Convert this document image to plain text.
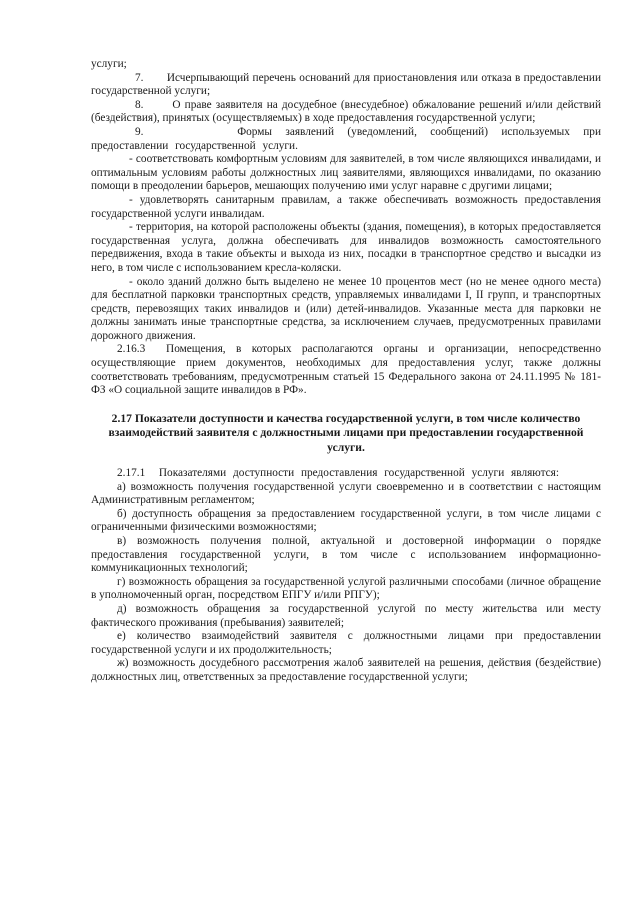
услуги;

7.       Исчерпывающий перечень оснований для приостановления или отказа в предоставлении государственной услуги;

8.       О праве заявителя на досудебное (внесудебное) обжалование решений и/или действий (бездействия), принятых (осуществляемых) в ходе предоставления государственной услуги;

9.       Формы заявлений (уведомлений, сообщений) используемых при предоставлении государственной услуги.

- соответствовать комфортным условиям для заявителей, в том числе являющихся инвалидами, и оптимальным условиям работы должностных лиц заявителями, являющихся инвалидами, по оказанию помощи в преодолении барьеров, мешающих получению ими услуг наравне с другими лицами;

- удовлетворять санитарным правилам, а также обеспечивать возможность предоставления государственной услуги инвалидам.

- территория, на которой расположены объекты (здания, помещения), в которых предоставляется государственная услуга, должна обеспечивать для инвалидов возможность самостоятельного передвижения, входа в такие объекты и выхода из них, посадки в транспортное средство и высадки из него, в том числе с использованием кресла-коляски.

- около зданий должно быть выделено не менее 10 процентов мест (но не менее одного места) для бесплатной парковки транспортных средств, управляемых инвалидами I, II групп, и транспортных средств, перевозящих таких инвалидов и (или) детей-инвалидов. Указанные места для парковки не должны занимать иные транспортные средства, за исключением случаев, предусмотренных правилами дорожного движения.

2.16.3  Помещения, в которых располагаются органы и организации, непосредственно осуществляющие прием документов, необходимых для предоставления услуг, также должны соответствовать требованиям, предусмотренным статьей 15 Федерального закона от 24.11.1995 № 181-ФЗ «О социальной защите инвалидов в РФ».

2.17 Показатели доступности и качества государственной услуги, в том числе количество взаимодействий заявителя с должностными лицами при предоставлении государственной услуги.

2.17.1  Показателями доступности предоставления государственной услуги являются:

а) возможность получения государственной услуги своевременно и в соответствии с настоящим Административным регламентом;

б) доступность обращения за предоставлением государственной услуги, в том числе лицами с ограниченными физическими возможностями;

в) возможность получения полной, актуальной и достоверной информации о порядке предоставления государственной услуги, в том числе с использованием информационно-коммуникационных технологий;

г) возможность обращения за государственной услугой различными способами (личное обращение в уполномоченный орган, посредством ЕПГУ и/или РПГУ);

д) возможность обращения за государственной услугой по месту жительства или месту фактического проживания (пребывания) заявителей;

е) количество взаимодействий заявителя с должностными лицами при предоставлении государственной услуги и их продолжительность;

ж) возможность досудебного рассмотрения жалоб заявителей на решения, действия (бездействие) должностных лиц, ответственных за предоставление государственной услуги;
